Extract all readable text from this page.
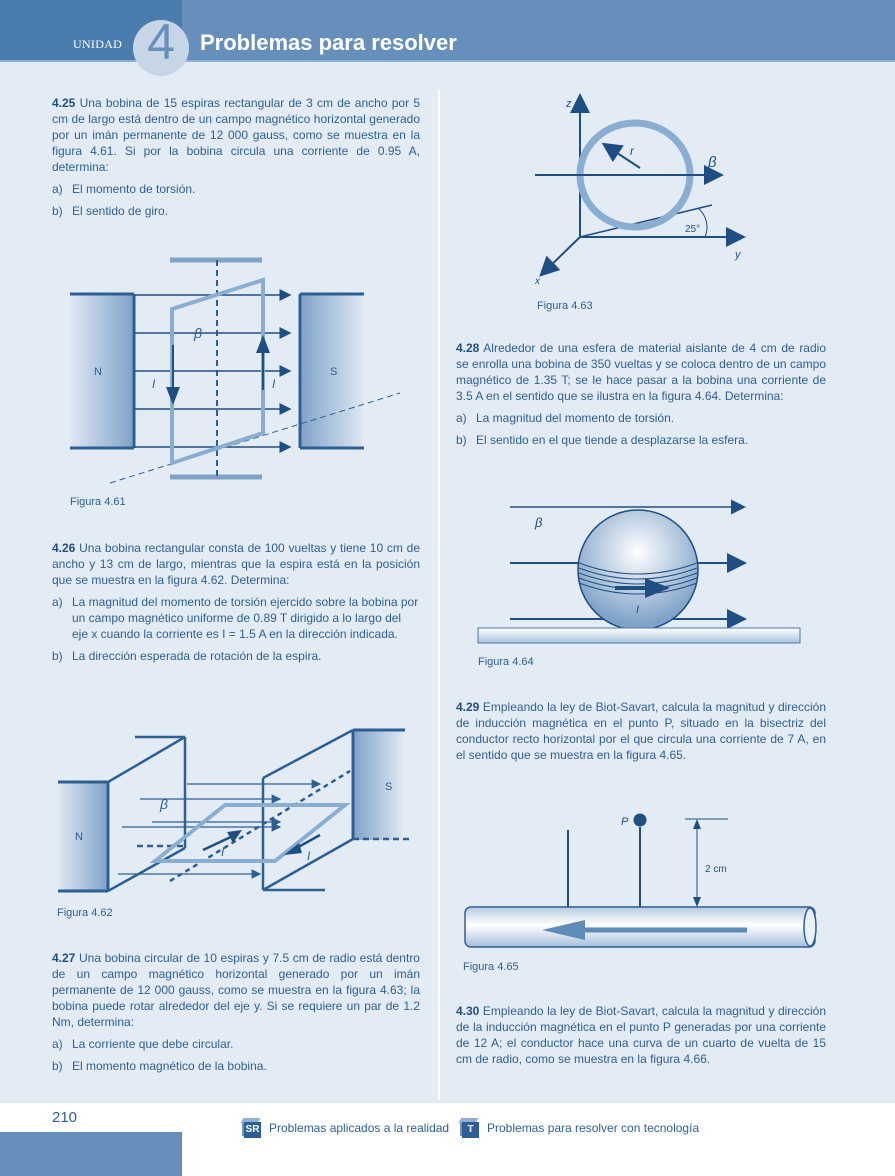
UNIDAD 4	Problemas para resolver

4.25 Una bobina de 15 espiras rectangular de 3 cm de ancho por 5 cm de largo está dentro de un campo magnético horizontal generado por un imán permanente de 12 000 gauss, como se muestra en la figura 4.61. Si por la bobina circula una corriente de 0.95 A, determina:

a) El momento de torsión.
b) El sentido de giro.
β
N	S
I	I
Figura 4.61

4.26 Una bobina rectangular consta de 100 vueltas y tiene 10 cm de ancho y 13 cm de largo, mientras que la espira está en la posición que se muestra en la figura 4.62. Determina:

a) La magnitud del momento de torsión ejercido sobre la bobina por un campo magnético uniforme de 0.89 T dirigido a lo largo del eje x cuando la corriente es I = 1.5 A en la dirección indicada.
b) La dirección esperada de rotación de la espira.
β
N
S
I	I
Figura 4.62

4.27 Una bobina circular de 10 espiras y 7.5 cm de radio está dentro de un campo magnético horizontal generado por un imán permanente de 12 000 gauss, como se muestra en la figura 4.63; la bobina puede rotar alrededor del eje y. Si se requiere un par de 1.2 Nm, determina:

a) La corriente que debe circular.
b) El momento magnético de la bobina.
z
y
x
r
β
25°
Figura 4.63

4.28 Alrededor de una esfera de material aislante de 4 cm de radio se enrolla una bobina de 350 vueltas y se coloca dentro de un campo magnético de 1.35 T; se le hace pasar a la bobina una corriente de 3.5 A en el sentido que se ilustra en la figura 4.64. Determina:

a) La magnitud del momento de torsión.
b) El sentido en el que tiende a desplazarse la esfera.
β
I
Figura 4.64

4.29 Empleando la ley de Biot-Savart, calcula la magnitud y dirección de inducción magnética en el punto P, situado en la bisectriz del conductor recto horizontal por el que circula una corriente de 7 A, en el sentido que se muestra en la figura 4.65.

P
2 cm
Figura 4.65

4.30 Empleando la ley de Biot-Savart, calcula la magnitud y dirección de la inducción magnética en el punto P generadas por una corriente de 12 A; el conductor hace una curva de un cuarto de vuelta de 15 cm de radio, como se muestra en la figura 4.66.

210
SR Problemas aplicados a la realidad	T	Problemas para resolver con tecnología
